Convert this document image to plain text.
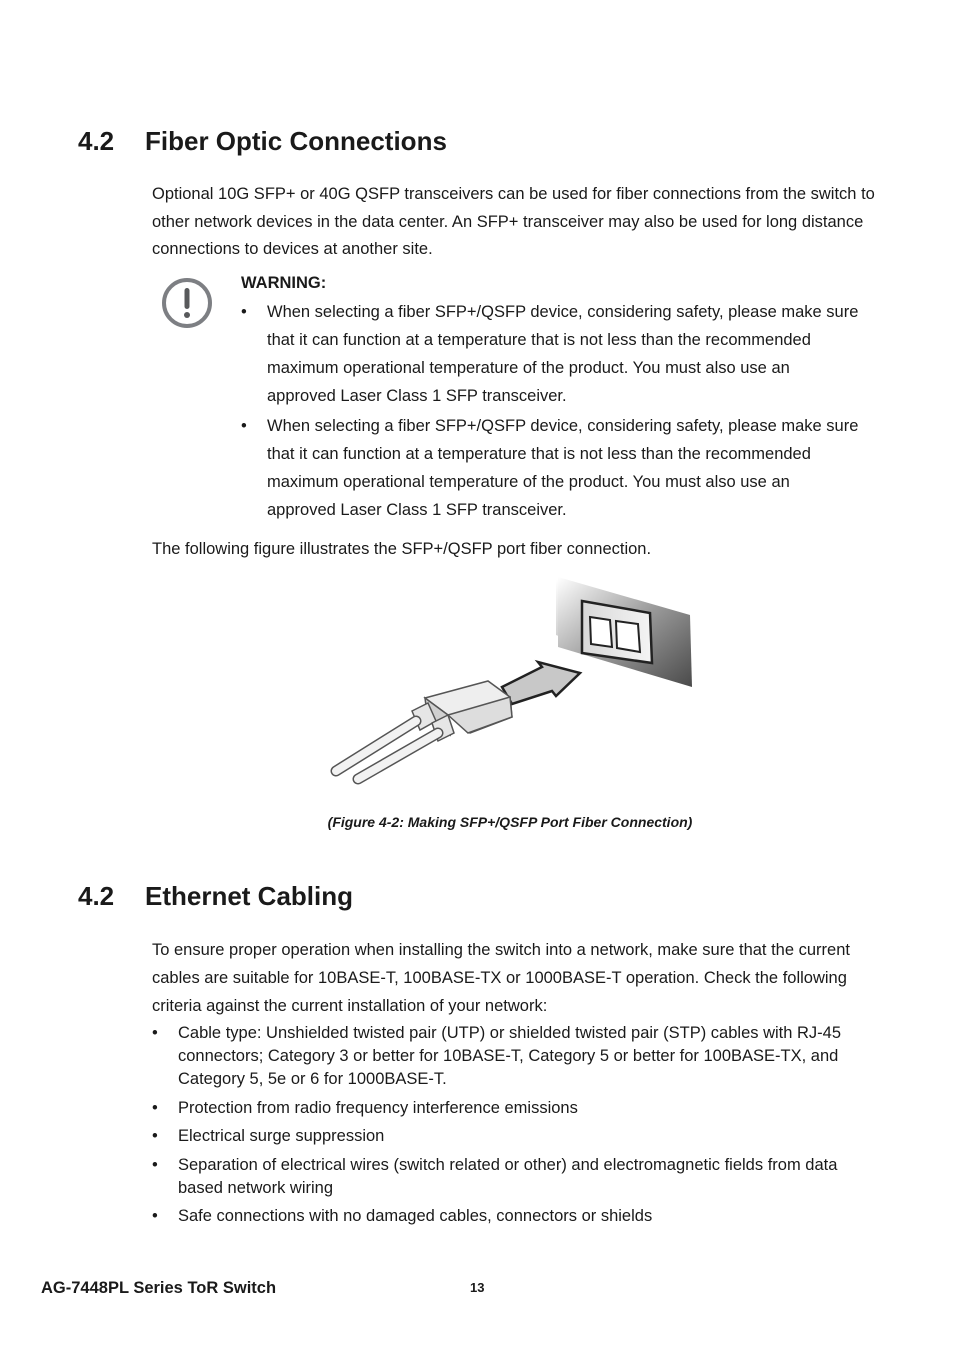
4.2 Fiber Optic Connections
Optional 10G SFP+ or 40G QSFP transceivers can be used for fiber connections from the switch to other network devices in the data center. An SFP+ transceiver may also be used for long distance connections to devices at another site.
WARNING:
• When selecting a fiber SFP+/QSFP device, considering safety, please make sure that it can function at a temperature that is not less than the recommended maximum operational temperature of the product. You must also use an approved Laser Class 1 SFP transceiver.
• When selecting a fiber SFP+/QSFP device, considering safety, please make sure that it can function at a temperature that is not less than the recommended maximum operational temperature of the product. You must also use an approved Laser Class 1 SFP transceiver.
The following figure illustrates the SFP+/QSFP port fiber connection.
(Figure 4-2: Making SFP+/QSFP Port Fiber Connection)
4.2 Ethernet Cabling
To ensure proper operation when installing the switch into a network, make sure that the current cables are suitable for 10BASE-T, 100BASE-TX or 1000BASE-T operation. Check the following criteria against the current installation of your network:
• Cable type: Unshielded twisted pair (UTP) or shielded twisted pair (STP) cables with RJ-45 connectors; Category 3 or better for 10BASE-T, Category 5 or better for 100BASE-TX, and Category 5, 5e or 6 for 1000BASE-T.
• Protection from radio frequency interference emissions
• Electrical surge suppression
• Separation of electrical wires (switch related or other) and electromagnetic fields from data based network wiring
• Safe connections with no damaged cables, connectors or shields
AG-7448PL Series ToR Switch	13
